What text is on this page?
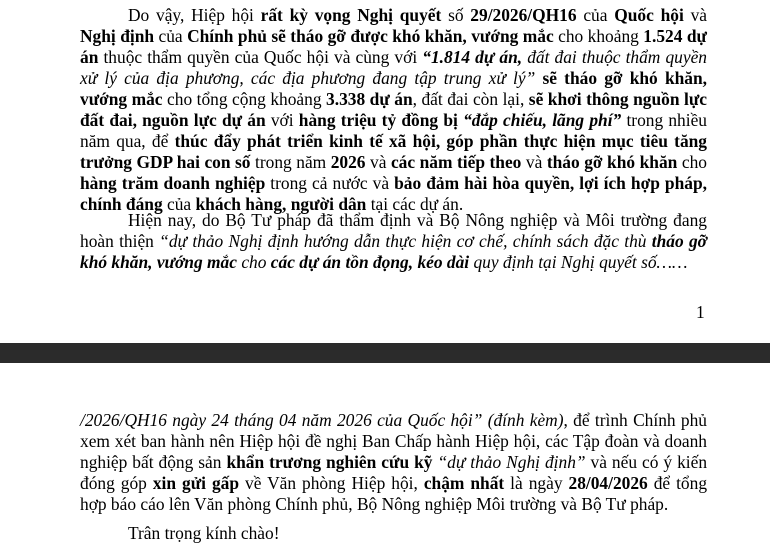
Do vậy, Hiệp hội rất kỳ vọng Nghị quyết số 29/2026/QH16 của Quốc hội và Nghị định của Chính phủ sẽ tháo gỡ được khó khăn, vướng mắc cho khoảng 1.524 dự án thuộc thẩm quyền của Quốc hội và cùng với “1.814 dự án, đất đai thuộc thẩm quyền xử lý của địa phương, các địa phương đang tập trung xử lý” sẽ tháo gỡ khó khăn, vướng mắc cho tổng cộng khoảng 3.338 dự án, đất đai còn lại, sẽ khơi thông nguồn lực đất đai, nguồn lực dự án với hàng triệu tỷ đồng bị “đắp chiếu, lãng phí” trong nhiều năm qua, để thúc đẩy phát triển kinh tế xã hội, góp phần thực hiện mục tiêu tăng trưởng GDP hai con số trong năm 2026 và các năm tiếp theo và tháo gỡ khó khăn cho hàng trăm doanh nghiệp trong cả nước và bảo đảm hài hòa quyền, lợi ích hợp pháp, chính đáng của khách hàng, người dân tại các dự án.

Hiện nay, do Bộ Tư pháp đã thẩm định và Bộ Nông nghiệp và Môi trường đang hoàn thiện “dự thảo Nghị định hướng dẫn thực hiện cơ chế, chính sách đặc thù tháo gỡ khó khăn, vướng mắc cho các dự án tồn đọng, kéo dài quy định tại Nghị quyết số……

1

/2026/QH16 ngày 24 tháng 04 năm 2026 của Quốc hội” (đính kèm), để trình Chính phủ xem xét ban hành nên Hiệp hội đề nghị Ban Chấp hành Hiệp hội, các Tập đoàn và doanh nghiệp bất động sản khẩn trương nghiên cứu kỹ “dự thảo Nghị định” và nếu có ý kiến đóng góp xin gửi gấp về Văn phòng Hiệp hội, chậm nhất là ngày 28/04/2026 để tổng hợp báo cáo lên Văn phòng Chính phủ, Bộ Nông nghiệp Môi trường và Bộ Tư pháp.

Trân trọng kính chào!
